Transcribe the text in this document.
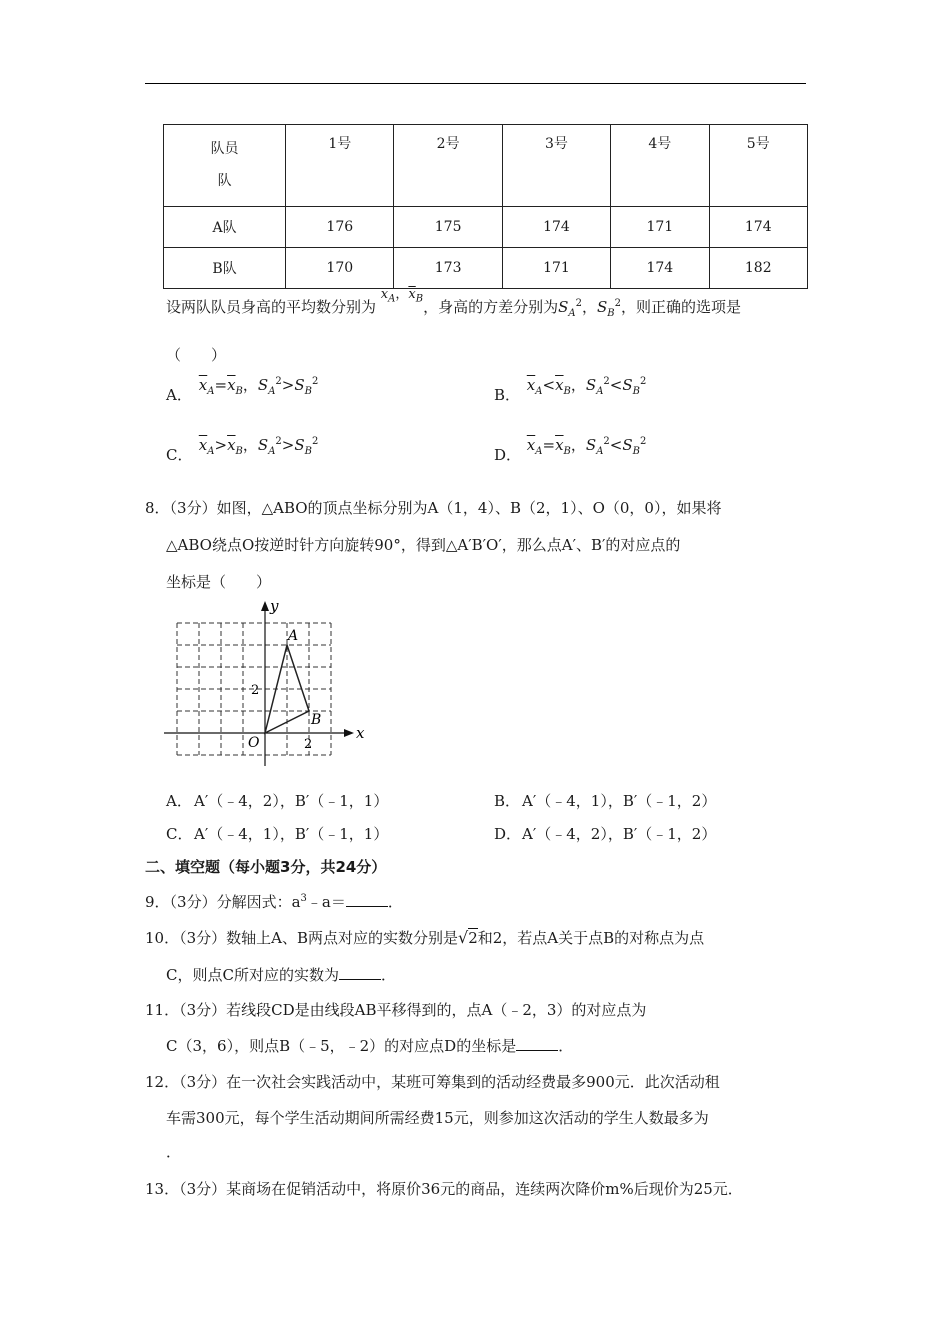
队员
队	1号	2号	3号	4号	5号
A队	176	175	174	171	174
B队	170	173	171	174	182
设两队队员身高的平均数分别为 $x_A$，$\overline{x}_B$，身高的方差分别为$S_A^2$，$S_B^2$，则正确的选项是
（　　）
A． $\overline{x}_A=\overline{x}_B$，$S_A^2>S_B^2$
B． $\overline{x}_A<\overline{x}_B$，$S_A^2<S_B^2$
C． $\overline{x}_A>\overline{x}_B$，$S_A^2>S_B^2$
D． $\overline{x}_A=\overline{x}_B$，$S_A^2<S_B^2$
8．（3分）如图，△ABO的顶点坐标分别为A（1，4）、B（2，1）、O（0，0），如果将
△ABO绕点O按逆时针方向旋转90°，得到△A′B′O′，那么点A′、B′的对应点的
坐标是（　　）
y
x
O
A
B
2
2
A． A′（﹣4，2），B′（﹣1，1）	B． A′（﹣4，1），B′（﹣1，2）
C． A′（﹣4，1），B′（﹣1，1）	D．A′（﹣4，2），B′（﹣1，2）
二、填空题（每小题3分，共24分）
9．（3分）分解因式：$a^3﹣a=$	．
10．（3分）数轴上A、B两点对应的实数分别是√2和2，若点A关于点B的对称点为点
C，则点C所对应的实数为	．
11．（3分）若线段CD是由线段AB平移得到的，点A（﹣2，3）的对应点为
C（3，6），则点B（﹣5，﹣2）的对应点D的坐标是	．
12．（3分）在一次社会实践活动中，某班可筹集到的活动经费最多900元．此次活动租
车需300元，每个学生活动期间所需经费15元，则参加这次活动的学生人数最多为
．
13．（3分）某商场在促销活动中，将原价36元的商品，连续两次降价m%后现价为25元．
